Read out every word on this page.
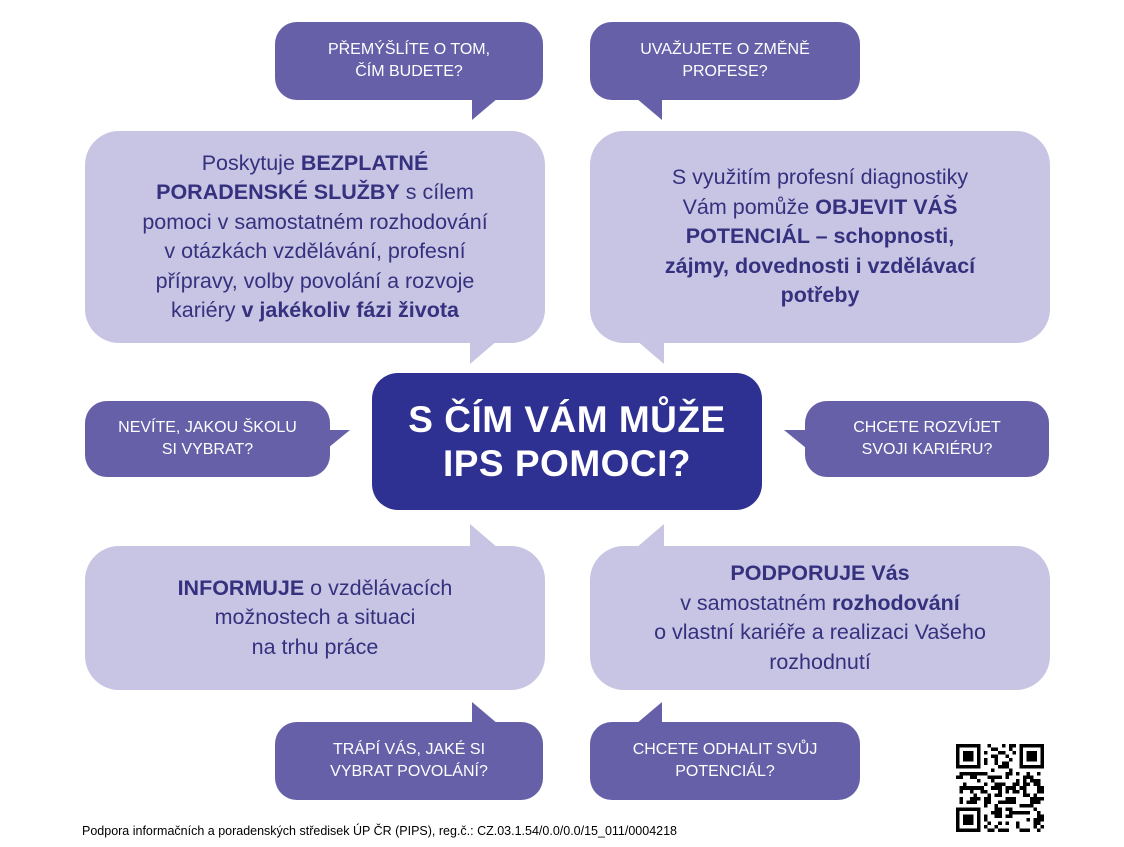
PŘEMÝŠLÍTE O TOM,
ČÍM BUDETE?
UVAŽUJETE O ZMĚNĚ
PROFESE?
NEVÍTE, JAKOU ŠKOLU
SI VYBRAT?
CHCETE ROZVÍJET
SVOJI KARIÉRU?
TRÁPÍ VÁS, JAKÉ SI
VYBRAT POVOLÁNÍ?
CHCETE ODHALIT SVŮJ
POTENCIÁL?
Poskytuje BEZPLATNÉ
PORADENSKÉ SLUŽBY s cílem
pomoci v samostatném rozhodování
v otázkách vzdělávání, profesní
přípravy, volby povolání a rozvoje
kariéry v jakékoliv fázi života
S využitím profesní diagnostiky
Vám pomůže OBJEVIT VÁŠ
POTENCIÁL – schopnosti,
zájmy, dovednosti i vzdělávací
potřeby
INFORMUJE o vzdělávacích
možnostech a situaci
na trhu práce
PODPORUJE Vás
v samostatném rozhodování
o vlastní kariéře a realizaci Vašeho
rozhodnutí
S ČÍM VÁM MŮŽE
IPS POMOCI?
Podpora informačních a poradenských středisek ÚP ČR (PIPS), reg.č.: CZ.03.1.54/0.0/0.0/15_011/0004218
